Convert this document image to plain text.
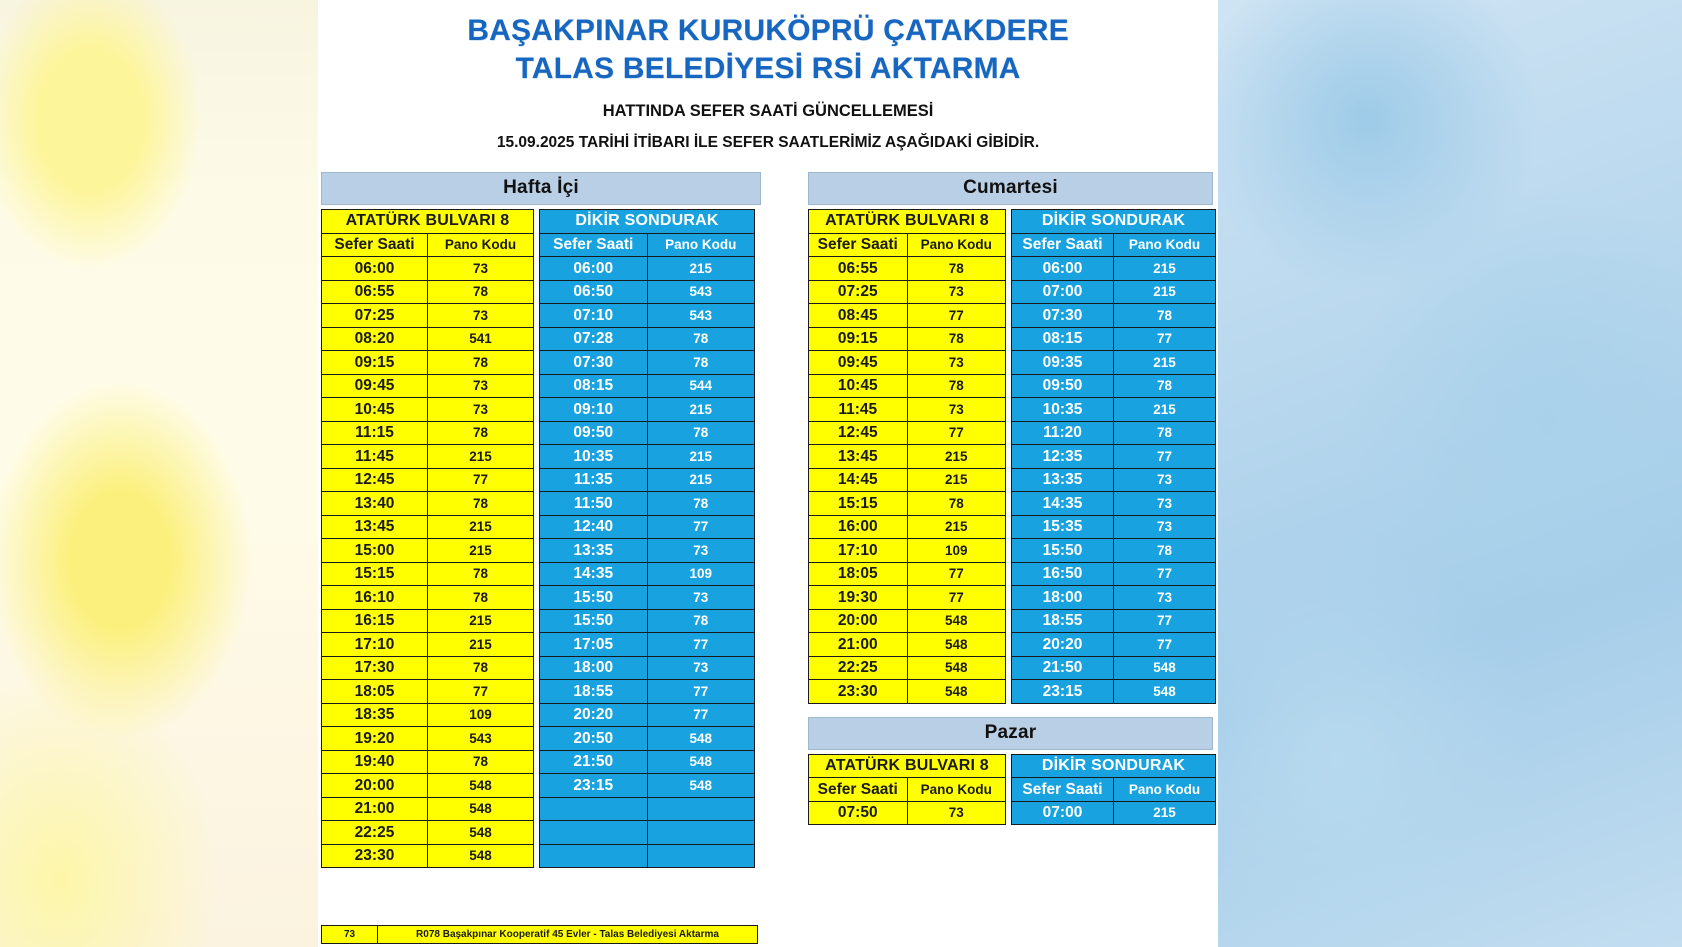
BAŞAKPINAR KURUKÖPRÜ ÇATAKDERE
TALAS BELEDİYESİ RSİ AKTARMA
HATTINDA SEFER SAATİ GÜNCELLEMESİ
15.09.2025 TARİHİ İTİBARI İLE SEFER SAATLERİMİZ AŞAĞIDAKİ GİBİDİR.
Hafta İçi
ATATÜRK BULVARI 8	
Sefer Saati	Pano Kodu
06:00	73
06:55	78
07:25	73
08:20	541
09:15	78
09:45	73
10:45	73
11:15	78
11:45	215
12:45	77
13:40	78
13:45	215
15:00	215
15:15	78
16:10	78
16:15	215
17:10	215
17:30	78
18:05	77
18:35	109
19:20	543
19:40	78
20:00	548
21:00	548
22:25	548
23:30	548
DİKİR SONDURAK	
Sefer Saati	Pano Kodu
06:00	215
06:50	543
07:10	543
07:28	78
07:30	78
08:15	544
09:10	215
09:50	78
10:35	215
11:35	215
11:50	78
12:40	77
13:35	73
14:35	109
15:50	73
15:50	78
17:05	77
18:00	73
18:55	77
20:20	77
20:50	548
21:50	548
23:15	548

Cumartesi
ATATÜRK BULVARI 8	
Sefer Saati	Pano Kodu
06:55	78
07:25	73
08:45	77
09:15	78
09:45	73
10:45	78
11:45	73
12:45	77
13:45	215
14:45	215
15:15	78
16:00	215
17:10	109
18:05	77
19:30	77
20:00	548
21:00	548
22:25	548
23:30	548
DİKİR SONDURAK	
Sefer Saati	Pano Kodu
06:00	215
07:00	215
07:30	78
08:15	77
09:35	215
09:50	78
10:35	215
11:20	78
12:35	77
13:35	73
14:35	73
15:35	73
15:50	78
16:50	77
18:00	73
18:55	77
20:20	77
21:50	548
23:15	548
Pazar
ATATÜRK BULVARI 8	
Sefer Saati	Pano Kodu
07:50	73
DİKİR SONDURAK	
Sefer Saati	Pano Kodu
07:00	215
73	R078 Başakpınar Kooperatif 45 Evler - Talas Belediyesi Aktarma
